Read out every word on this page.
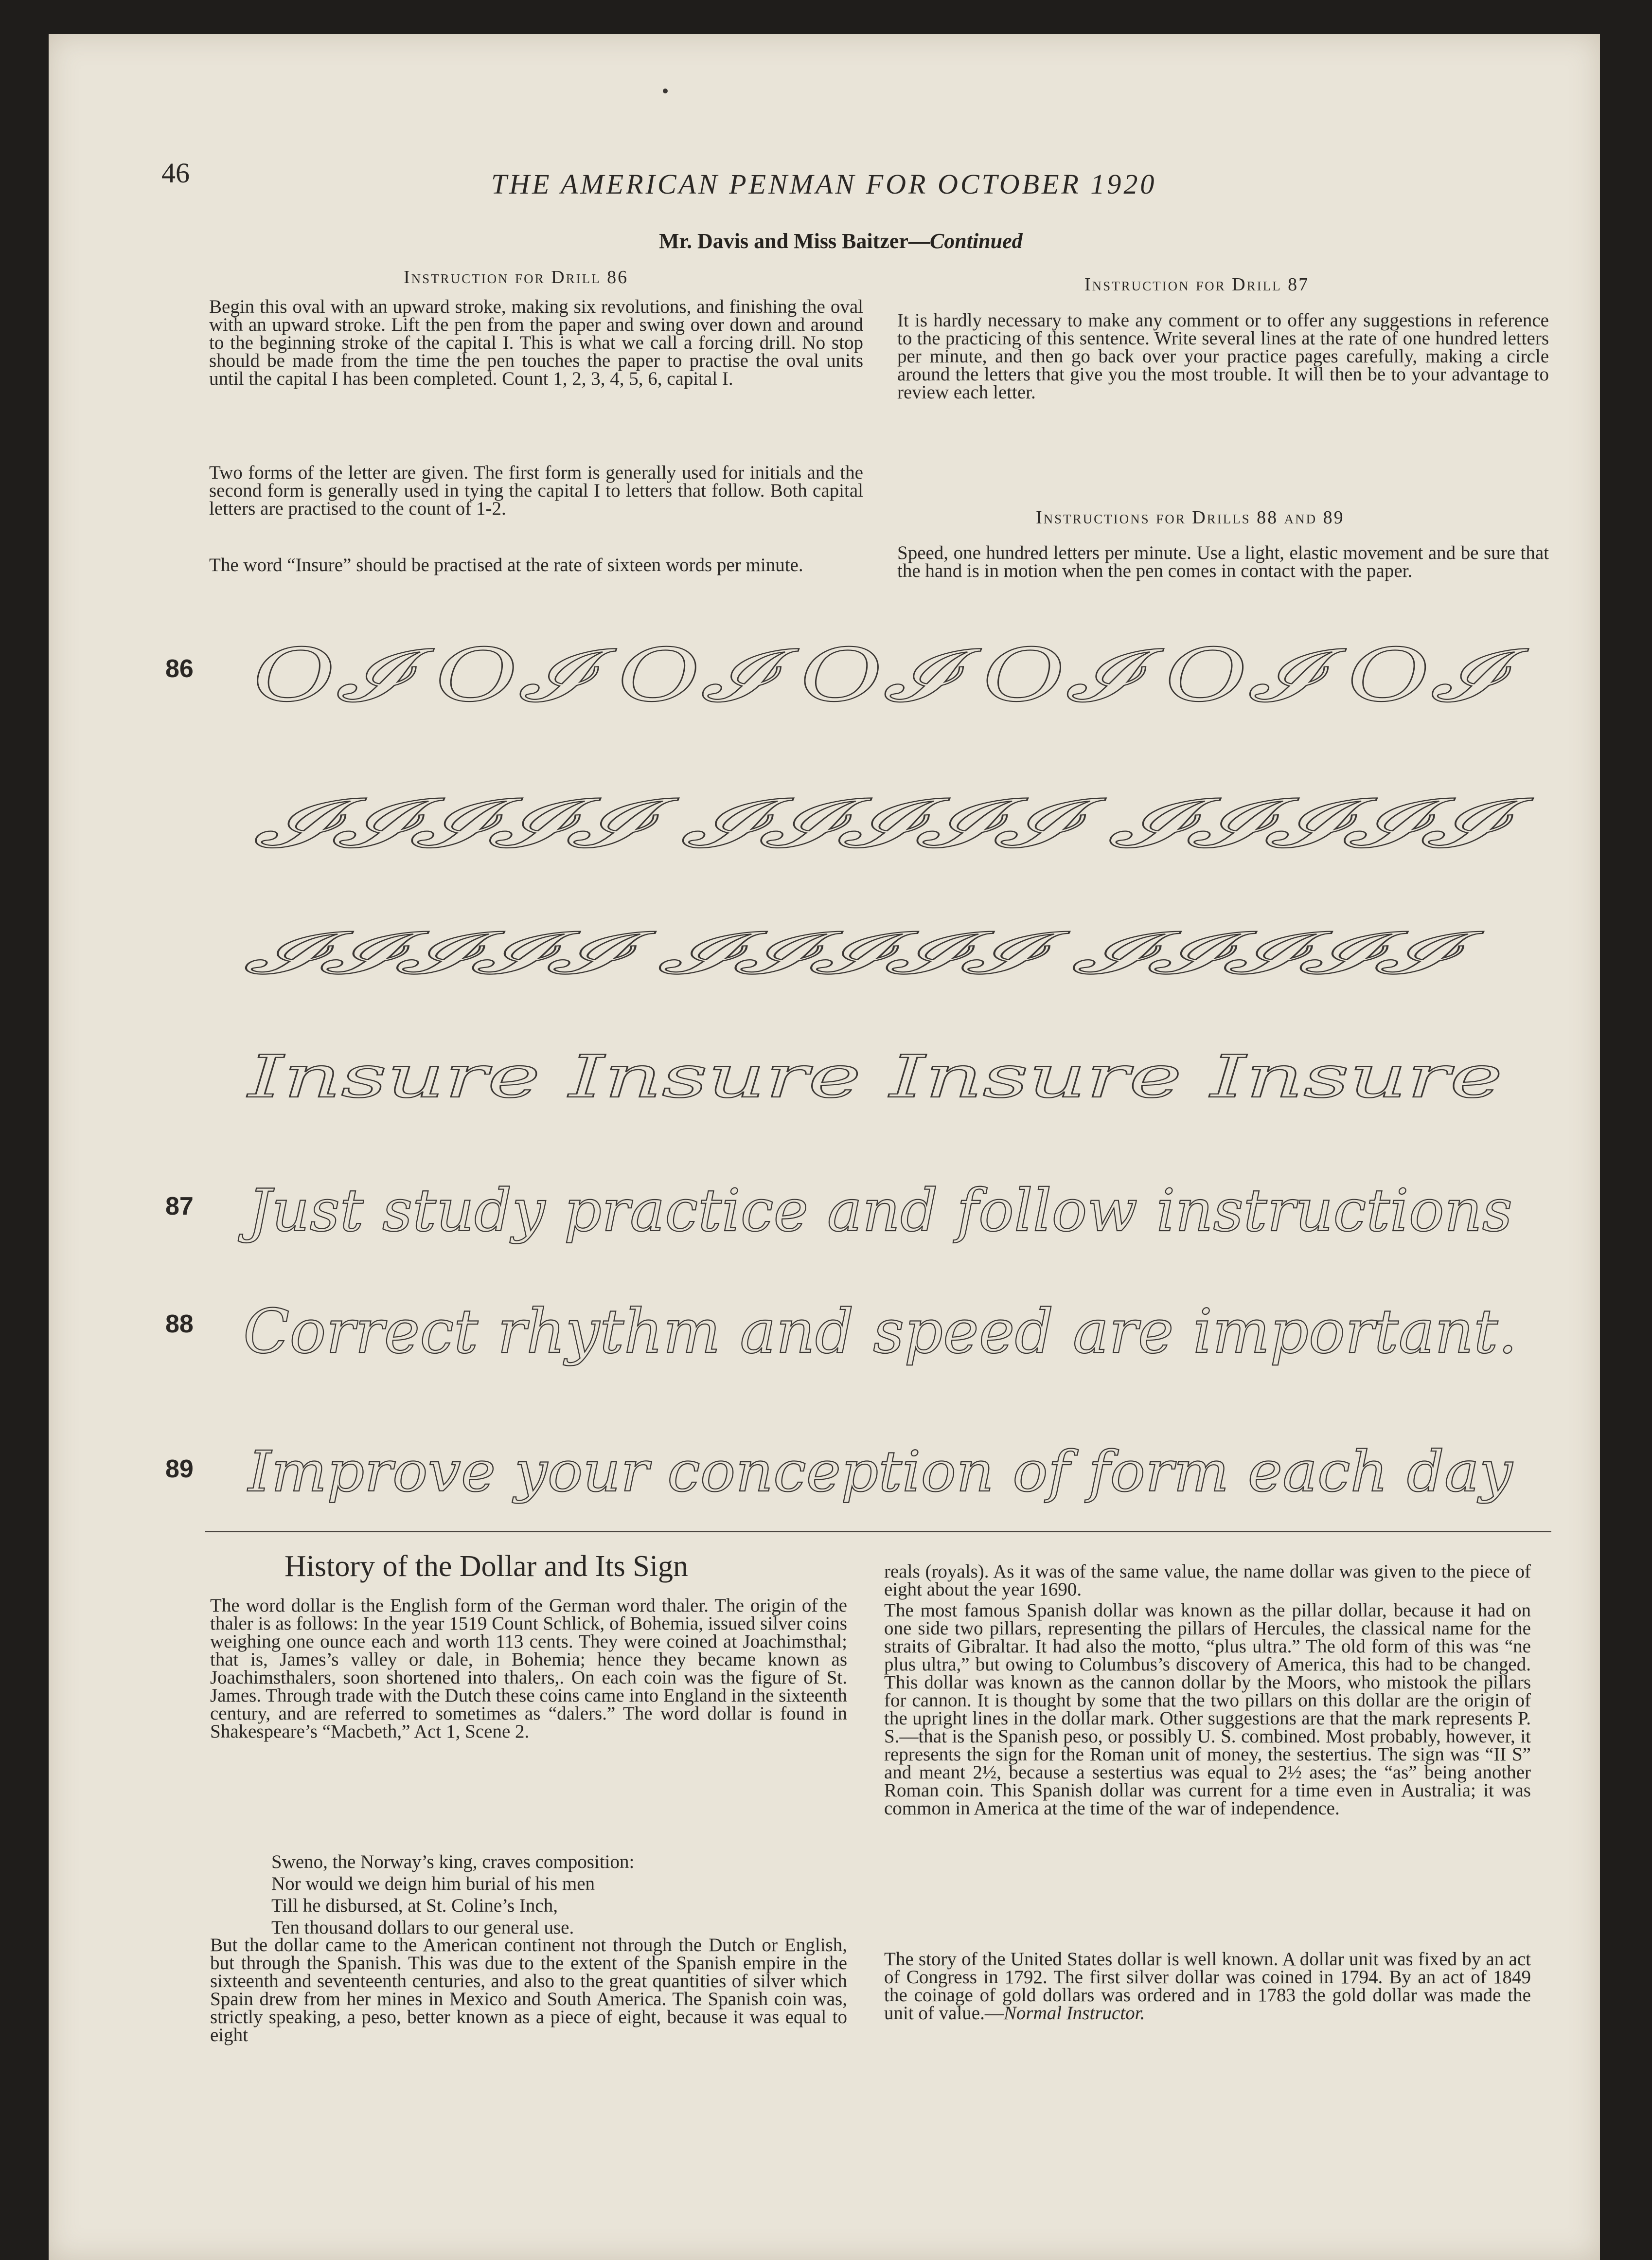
46	THE AMERICAN PENMAN FOR OCTOBER 1920
Mr. Davis and Miss Baitzer—Continued
Instruction for Drill 86

Begin this oval with an upward stroke, making six revolutions, and finishing the oval with an upward stroke. Lift the pen from the paper and swing over down and around to the beginning stroke of the capital I. This is what we call a forcing drill. No stop should be made from the time the pen touches the paper to practise the oval units until the capital I has been completed. Count 1, 2, 3, 4, 5, 6, capital I.

Two forms of the letter are given. The first form is generally used for initials and the second form is generally used in tying the capital I to letters that follow. Both capital letters are practised to the count of 1-2.

The word “Insure” should be practised at the rate of sixteen words per minute.

Instruction for Drill 87

It is hardly necessary to make any comment or to offer any suggestions in reference to the practicing of this sentence. Write several lines at the rate of one hundred letters per minute, and then go back over your practice pages carefully, making a circle around the letters that give you the most trouble. It will then be to your advantage to review each letter.

Instructions for Drills 88 and 89

Speed, one hundred letters per minute. Use a light, elastic movement and be sure that the hand is in motion when the pen comes in contact with the paper.

86
87
88
89
O𝓘 O𝓘 O𝓘 O𝓘 O𝓘 O𝓘 O𝓘
𝓘𝓘𝓘𝓘𝓘 𝓘𝓘𝓘𝓘𝓘 𝓘𝓘𝓘𝓘𝓘
𝓘𝓘𝓘𝓘𝓘 𝓘𝓘𝓘𝓘𝓘 𝓘𝓘𝓘𝓘𝓘
Insure Insure Insure Insure
Just study practice and follow instructions
Correct rhythm and speed are important.
Improve your conception of form each day
History of the Dollar and Its Sign

The word dollar is the English form of the German word thaler. The origin of the thaler is as follows: In the year 1519 Count Schlick, of Bohemia, issued silver coins weighing one ounce each and worth 113 cents. They were coined at Joachimsthal; that is, James’s valley or dale, in Bohemia; hence they became known as Joachimsthalers, soon shortened into thalers,. On each coin was the figure of St. James. Through trade with the Dutch these coins came into England in the sixteenth century, and are referred to sometimes as “dalers.” The word dollar is found in Shakespeare’s “Macbeth,” Act 1, Scene 2.

Sweno, the Norway’s king, craves composition:

Nor would we deign him burial of his men

Till he disbursed, at St. Coline’s Inch,

Ten thousand dollars to our general use.

But the dollar came to the American continent not through the Dutch or English, but through the Spanish. This was due to the extent of the Spanish empire in the sixteenth and seventeenth centuries, and also to the great quantities of silver which Spain drew from her mines in Mexico and South America. The Spanish coin was, strictly speaking, a peso, better known as a piece of eight, because it was equal to eight

reals (royals). As it was of the same value, the name dollar was given to the piece of eight about the year 1690.

The most famous Spanish dollar was known as the pillar dollar, because it had on one side two pillars, representing the pillars of Hercules, the classical name for the straits of Gibraltar. It had also the motto, “plus ultra.” The old form of this was “ne plus ultra,” but owing to Columbus’s discovery of America, this had to be changed. This dollar was known as the cannon dollar by the Moors, who mistook the pillars for cannon. It is thought by some that the two pillars on this dollar are the origin of the upright lines in the dollar mark. Other suggestions are that the mark represents P. S.—that is the Spanish peso, or possibly U. S. combined. Most probably, however, it represents the sign for the Roman unit of money, the sestertius. The sign was “II S” and meant 2½, because a sestertius was equal to 2½ ases; the “as” being another Roman coin. This Spanish dollar was current for a time even in Australia; it was common in America at the time of the war of independence.

The story of the United States dollar is well known. A dollar unit was fixed by an act of Congress in 1792. The first silver dollar was coined in 1794. By an act of 1849 the coinage of gold dollars was ordered and in 1783 the gold dollar was made the unit of value.—Normal Instructor.
